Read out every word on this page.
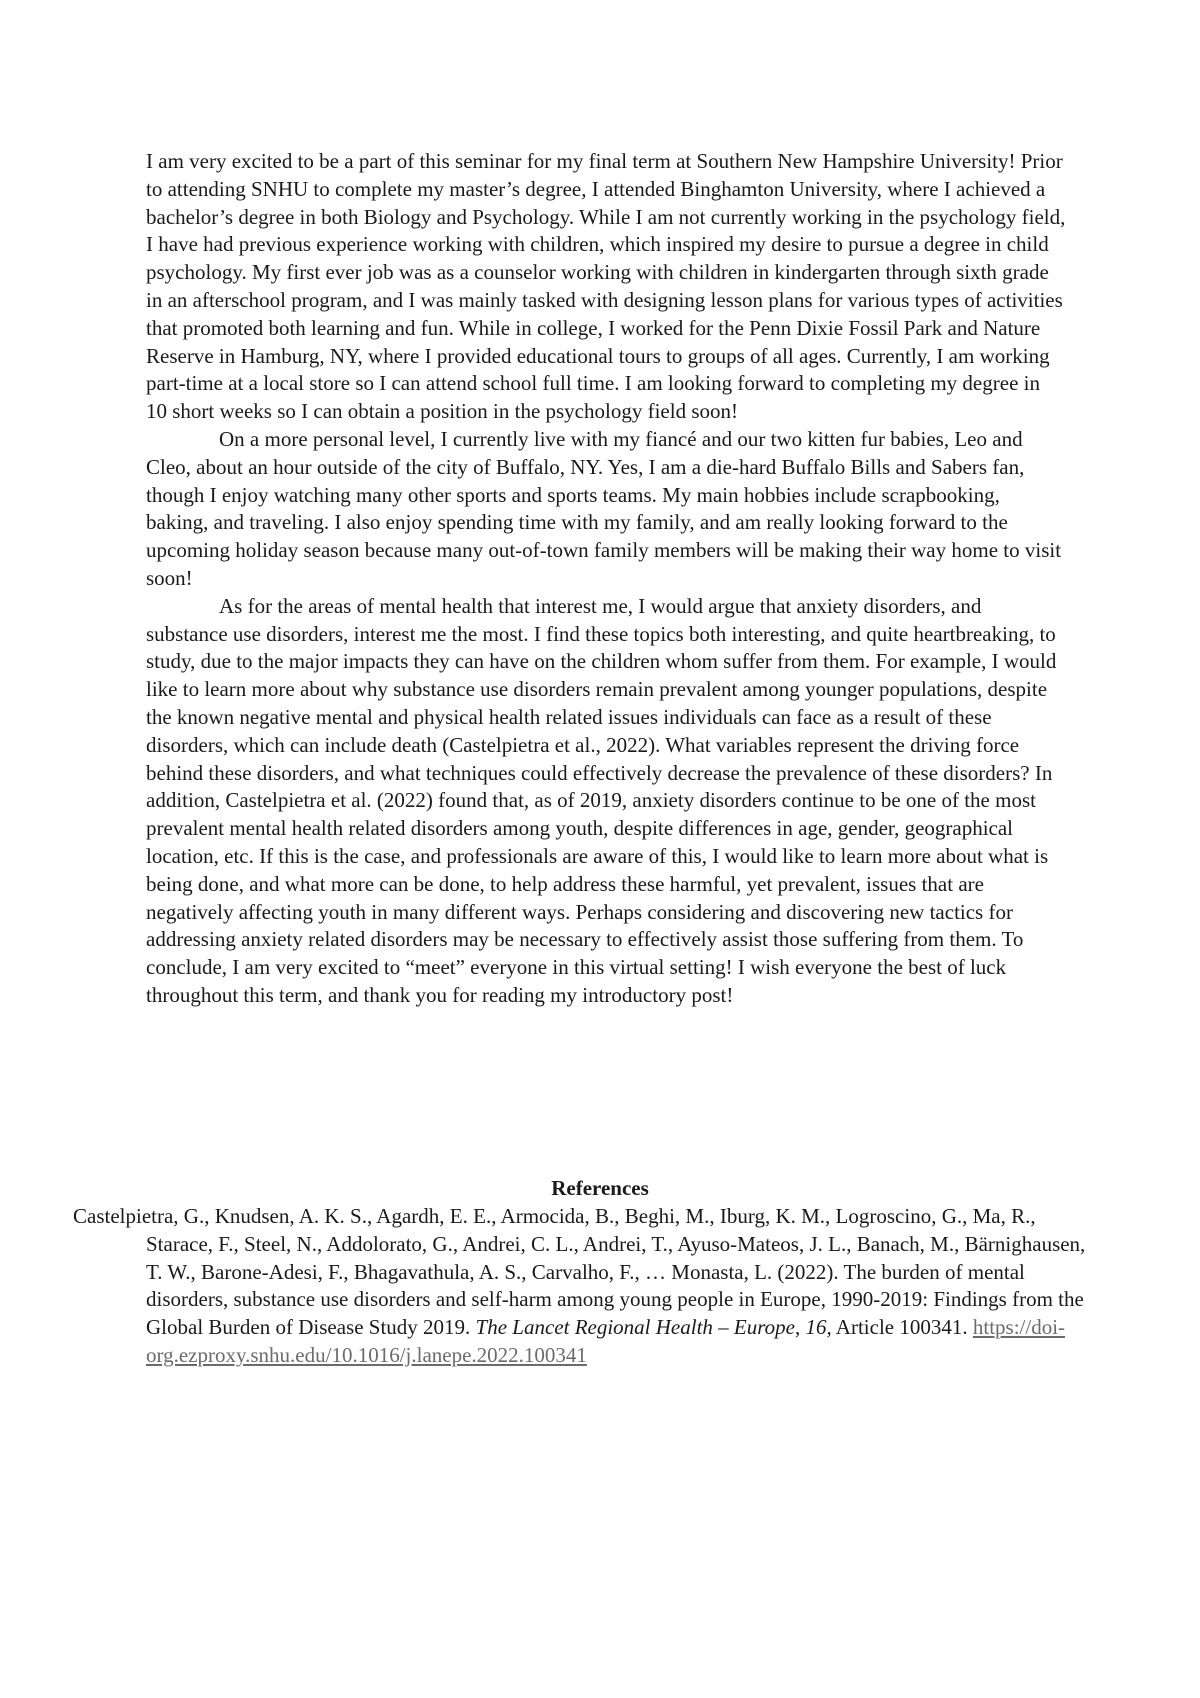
I am very excited to be a part of this seminar for my final term at Southern New Hampshire University! Prior to attending SNHU to complete my master’s degree, I attended Binghamton University, where I achieved a bachelor’s degree in both Biology and Psychology. While I am not currently working in the psychology field, I have had previous experience working with children, which inspired my desire to pursue a degree in child psychology. My first ever job was as a counselor working with children in kindergarten through sixth grade in an afterschool program, and I was mainly tasked with designing lesson plans for various types of activities that promoted both learning and fun. While in college, I worked for the Penn Dixie Fossil Park and Nature Reserve in Hamburg, NY, where I provided educational tours to groups of all ages. Currently, I am working part-time at a local store so I can attend school full time. I am looking forward to completing my degree in 10 short weeks so I can obtain a position in the psychology field soon!

On a more personal level, I currently live with my fiancé and our two kitten fur babies, Leo and Cleo, about an hour outside of the city of Buffalo, NY. Yes, I am a die-hard Buffalo Bills and Sabers fan, though I enjoy watching many other sports and sports teams. My main hobbies include scrapbooking, baking, and traveling. I also enjoy spending time with my family, and am really looking forward to the upcoming holiday season because many out-of-town family members will be making their way home to visit soon!

As for the areas of mental health that interest me, I would argue that anxiety disorders, and substance use disorders, interest me the most. I find these topics both interesting, and quite heartbreaking, to study, due to the major impacts they can have on the children whom suffer from them. For example, I would like to learn more about why substance use disorders remain prevalent among younger populations, despite the known negative mental and physical health related issues individuals can face as a result of these disorders, which can include death (Castelpietra et al., 2022). What variables represent the driving force behind these disorders, and what techniques could effectively decrease the prevalence of these disorders? In addition, Castelpietra et al. (2022) found that, as of 2019, anxiety disorders continue to be one of the most prevalent mental health related disorders among youth, despite differences in age, gender, geographical location, etc. If this is the case, and professionals are aware of this, I would like to learn more about what is being done, and what more can be done, to help address these harmful, yet prevalent, issues that are negatively affecting youth in many different ways. Perhaps considering and discovering new tactics for addressing anxiety related disorders may be necessary to effectively assist those suffering from them. To conclude, I am very excited to “meet” everyone in this virtual setting! I wish everyone the best of luck throughout this term, and thank you for reading my introductory post!

References

Castelpietra, G., Knudsen, A. K. S., Agardh, E. E., Armocida, B., Beghi, M., Iburg, K. M., Logroscino, G., Ma, R., Starace, F., Steel, N., Addolorato, G., Andrei, C. L., Andrei, T., Ayuso-Mateos, J. L., Banach, M., Bärnighausen, T. W., Barone-Adesi, F., Bhagavathula, A. S., Carvalho, F., … Monasta, L. (2022). The burden of mental disorders, substance use disorders and self-harm among young people in Europe, 1990-2019: Findings from the Global Burden of Disease Study 2019. The Lancet Regional Health – Europe, 16, Article 100341. https://doi-org.ezproxy.snhu.edu/10.1016/j.lanepe.2022.100341
